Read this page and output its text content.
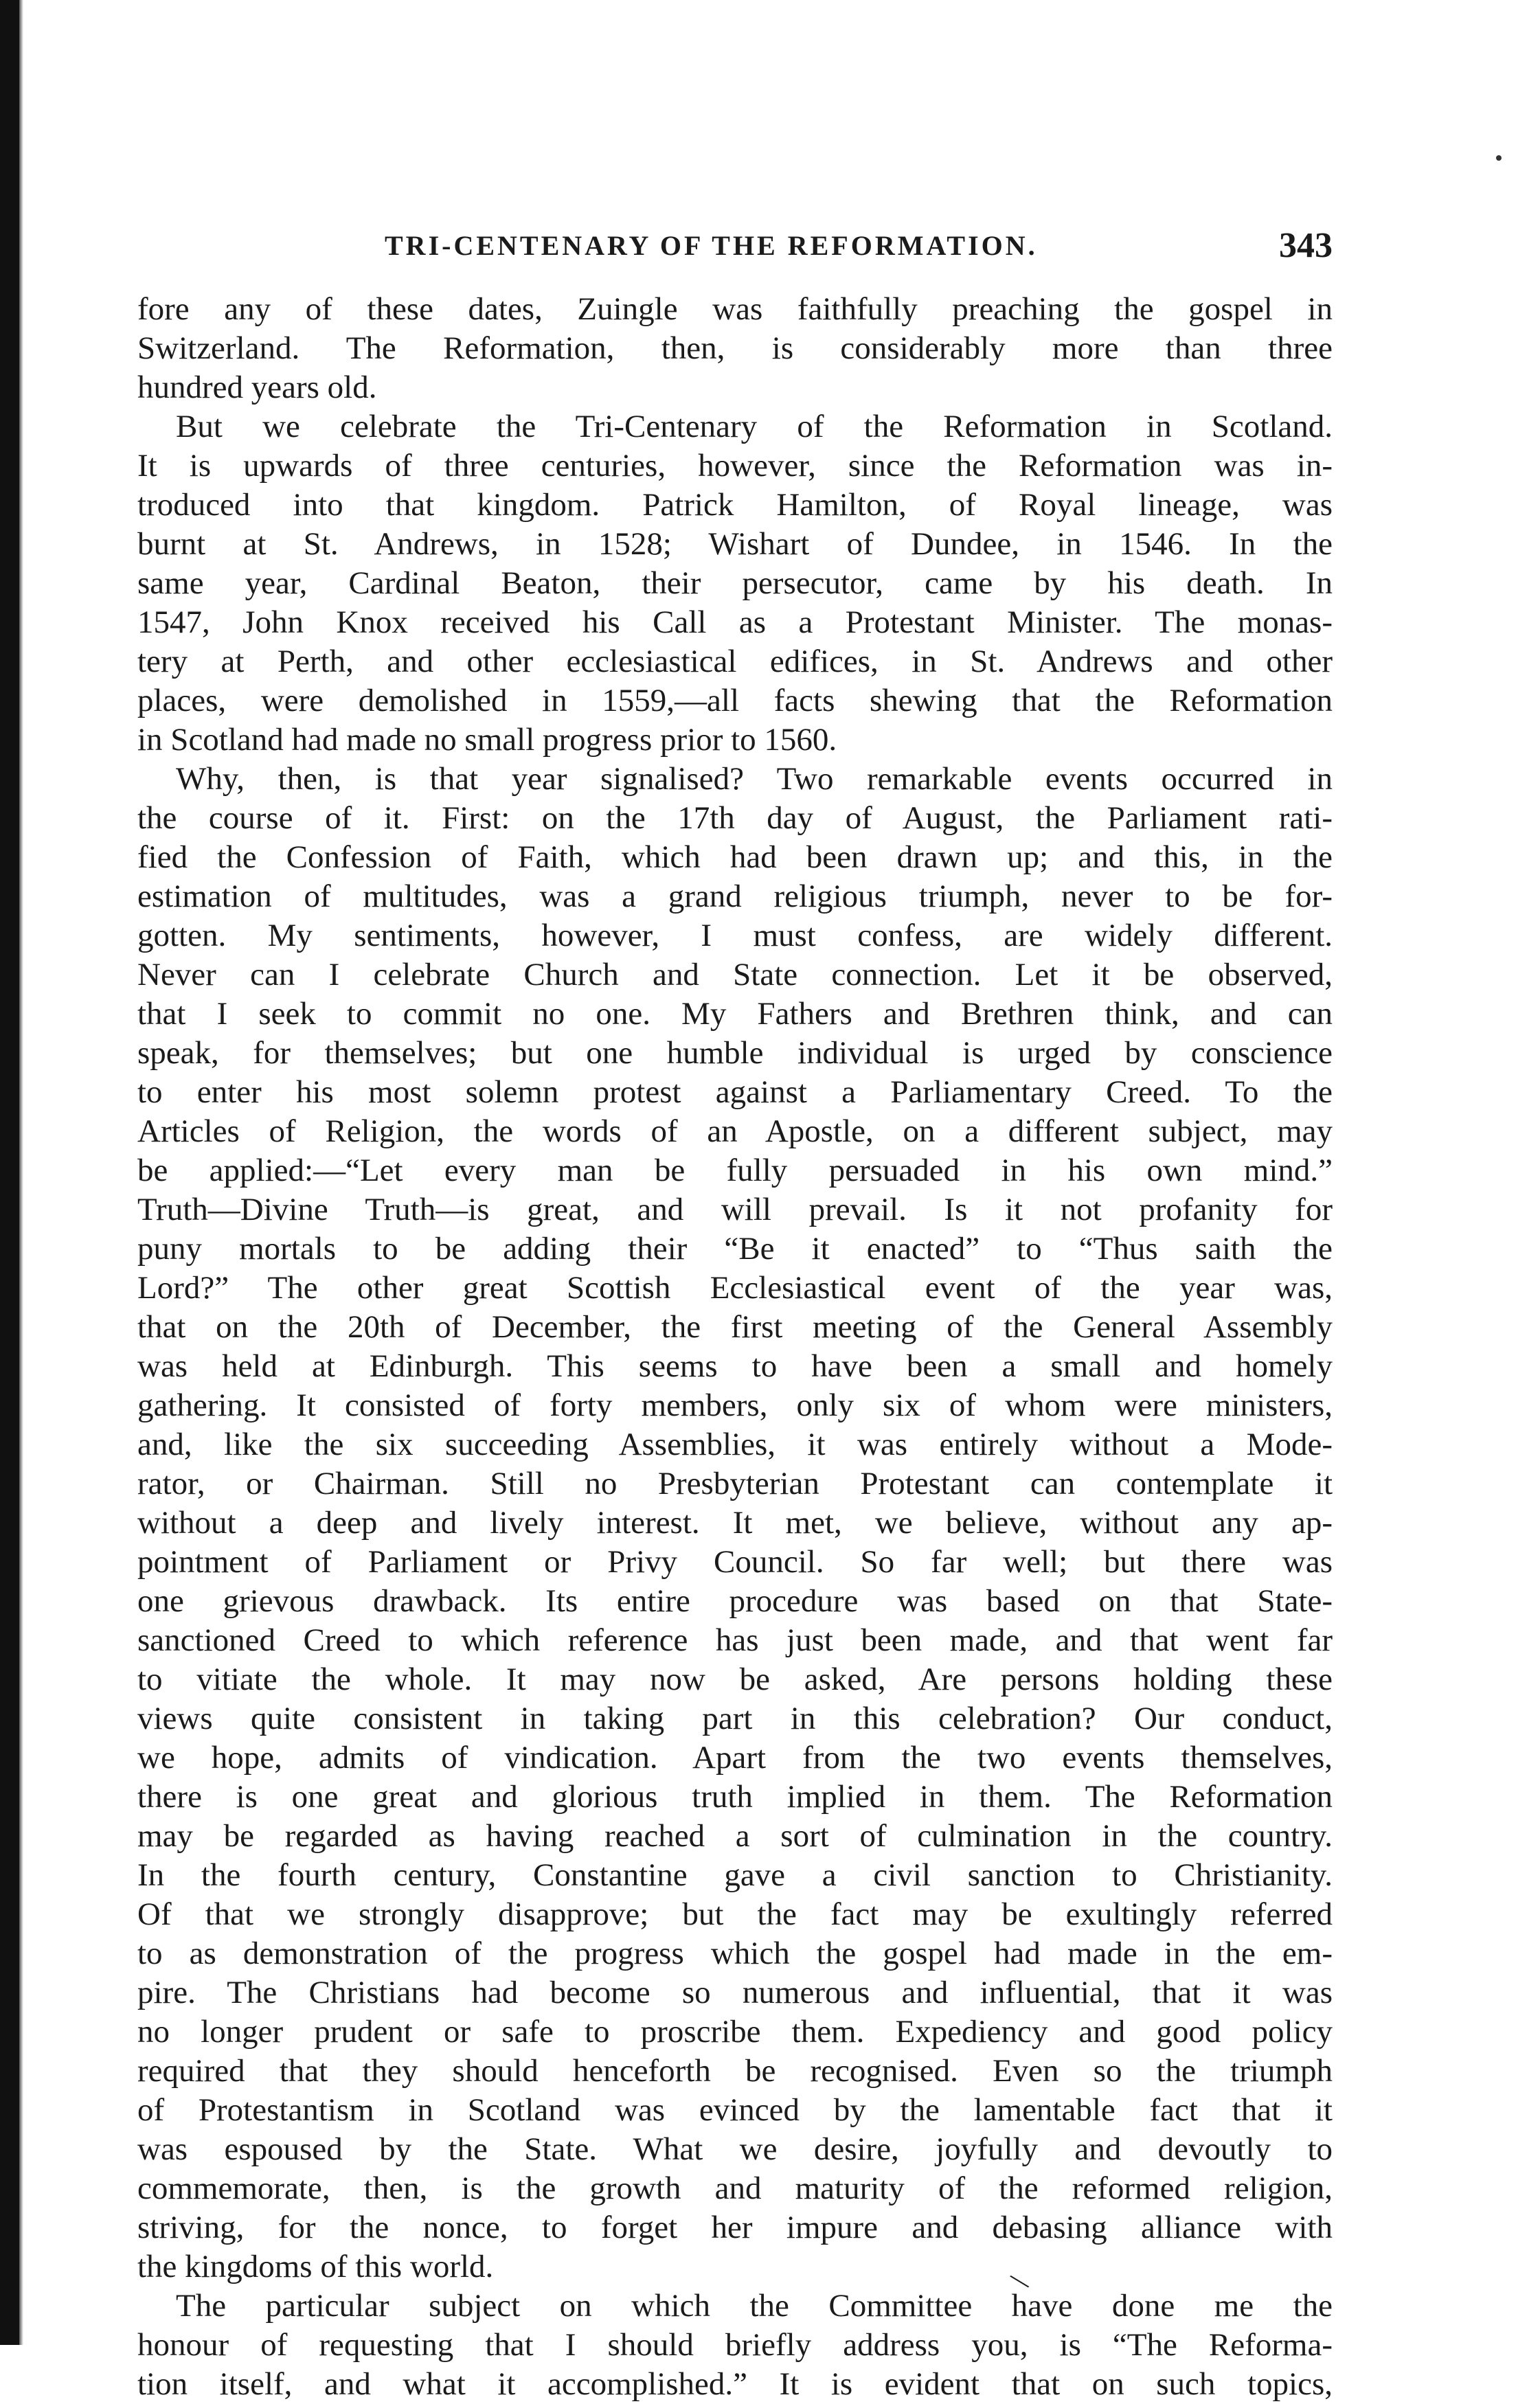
TRI-CENTENARY OF THE REFORMATION.	343
fore any of these dates, Zuingle was faithfully preaching the gospel in
Switzerland. The Reformation, then, is considerably more than three
hundred years old.
But we celebrate the Tri-Centenary of the Reformation in Scotland.
It is upwards of three centuries, however, since the Reformation was in-
troduced into that kingdom. Patrick Hamilton, of Royal lineage, was
burnt at St. Andrews, in 1528; Wishart of Dundee, in 1546. In the
same year, Cardinal Beaton, their persecutor, came by his death. In
1547, John Knox received his Call as a Protestant Minister. The monas-
tery at Perth, and other ecclesiastical edifices, in St. Andrews and other
places, were demolished in 1559,—all facts shewing that the Reformation
in Scotland had made no small progress prior to 1560.
Why, then, is that year signalised? Two remarkable events occurred in
the course of it. First: on the 17th day of August, the Parliament rati-
fied the Confession of Faith, which had been drawn up; and this, in the
estimation of multitudes, was a grand religious triumph, never to be for-
gotten. My sentiments, however, I must confess, are widely different.
Never can I celebrate Church and State connection. Let it be observed,
that I seek to commit no one. My Fathers and Brethren think, and can
speak, for themselves; but one humble individual is urged by conscience
to enter his most solemn protest against a Parliamentary Creed. To the
Articles of Religion, the words of an Apostle, on a different subject, may
be applied:—“Let every man be fully persuaded in his own mind.”
Truth—Divine Truth—is great, and will prevail. Is it not profanity for
puny mortals to be adding their “Be it enacted” to “Thus saith the
Lord?” The other great Scottish Ecclesiastical event of the year was,
that on the 20th of December, the first meeting of the General Assembly
was held at Edinburgh. This seems to have been a small and homely
gathering. It consisted of forty members, only six of whom were ministers,
and, like the six succeeding Assemblies, it was entirely without a Mode-
rator, or Chairman. Still no Presbyterian Protestant can contemplate it
without a deep and lively interest. It met, we believe, without any ap-
pointment of Parliament or Privy Council. So far well; but there was
one grievous drawback. Its entire procedure was based on that State-
sanctioned Creed to which reference has just been made, and that went far
to vitiate the whole. It may now be asked, Are persons holding these
views quite consistent in taking part in this celebration? Our conduct,
we hope, admits of vindication. Apart from the two events themselves,
there is one great and glorious truth implied in them. The Reformation
may be regarded as having reached a sort of culmination in the country.
In the fourth century, Constantine gave a civil sanction to Christianity.
Of that we strongly disapprove; but the fact may be exultingly referred
to as demonstration of the progress which the gospel had made in the em-
pire. The Christians had become so numerous and influential, that it was
no longer prudent or safe to proscribe them. Expediency and good policy
required that they should henceforth be recognised. Even so the triumph
of Protestantism in Scotland was evinced by the lamentable fact that it
was espoused by the State. What we desire, joyfully and devoutly to
commemorate, then, is the growth and maturity of the reformed religion,
striving, for the nonce, to forget her impure and debasing alliance with
the kingdoms of this world.
The particular subject on which the Committee have done me the
honour of requesting that I should briefly address you, is “The Reforma-
tion itself, and what it accomplished.” It is evident that on such topics,
\
